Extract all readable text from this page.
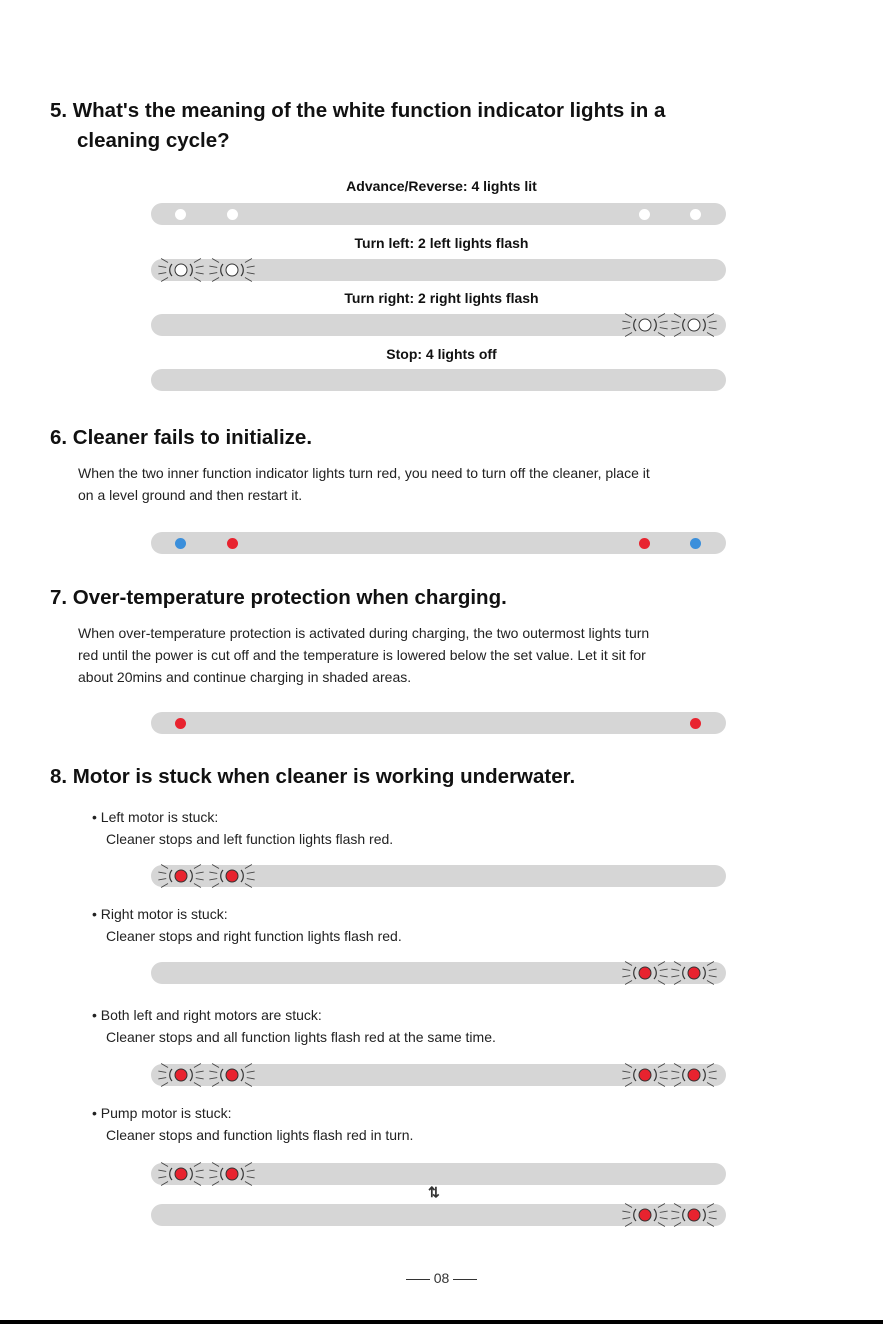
5. What's the meaning of the white function indicator lights in a
cleaning cycle?
Advance/Reverse: 4 lights lit
Turn left: 2 left lights flash
Turn right: 2 right lights flash
Stop: 4 lights off
6. Cleaner fails to initialize.
When the two inner function indicator lights turn red, you need to turn off the cleaner, place it
on a level ground and then restart it.
7. Over-temperature protection when charging.
When over-temperature protection is activated during charging, the two outermost lights turn
red until the power is cut off and the temperature is lowered below the set value. Let it sit for
about 20mins and continue charging in shaded areas.
8. Motor is stuck when cleaner is working underwater.
• Left motor is stuck:
Cleaner stops and left function lights flash red.
• Right motor is stuck:
Cleaner stops and right function lights flash red.
• Both left and right motors are stuck:
Cleaner stops and all function lights flash red at the same time.
• Pump motor is stuck:
Cleaner stops and function lights flash red in turn.
⇅
08
